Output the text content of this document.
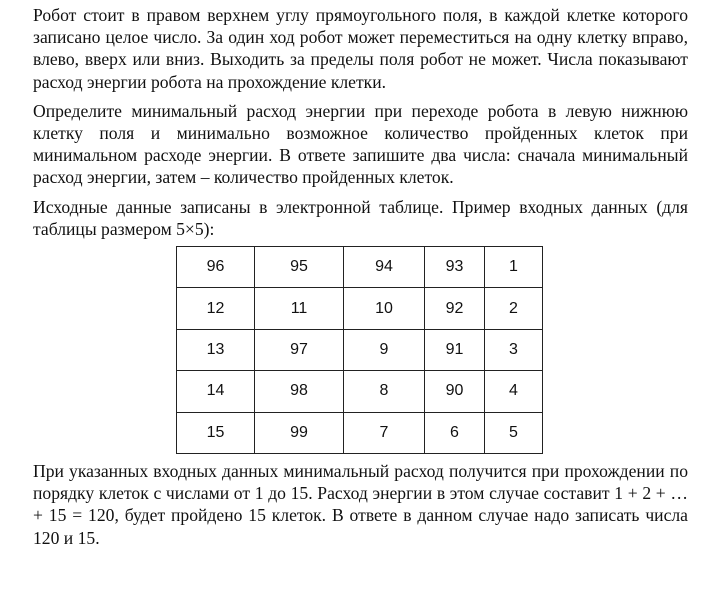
Робот стоит в правом верхнем углу прямоугольного поля, в каждой клетке которого записано целое число. За один ход робот может переместиться на одну клетку вправо, влево, вверх или вниз. Выходить за пределы поля робот не может. Числа показывают расход энергии робота на прохождение клетки.

Определите минимальный расход энергии при переходе робота в левую нижнюю клетку поля и минимально возможное количество пройденных клеток при минимальном расходе энергии. В ответе запишите два числа: сначала минимальный расход энергии, затем – количество пройденных клеток.

Исходные данные записаны в электронной таблице. Пример входных данных (для таблицы размером 5×5):

96	95	94	93	1
12	11	10	92	2
13	97	9	91	3
14	98	8	90	4
15	99	7	6	5

При указанных входных данных минимальный расход получится при прохождении по порядку клеток с числами от 1 до 15. Расход энергии в этом случае составит 1 + 2 + … + 15 = 120, будет пройдено 15 клеток. В ответе в данном случае надо записать числа 120 и 15.
